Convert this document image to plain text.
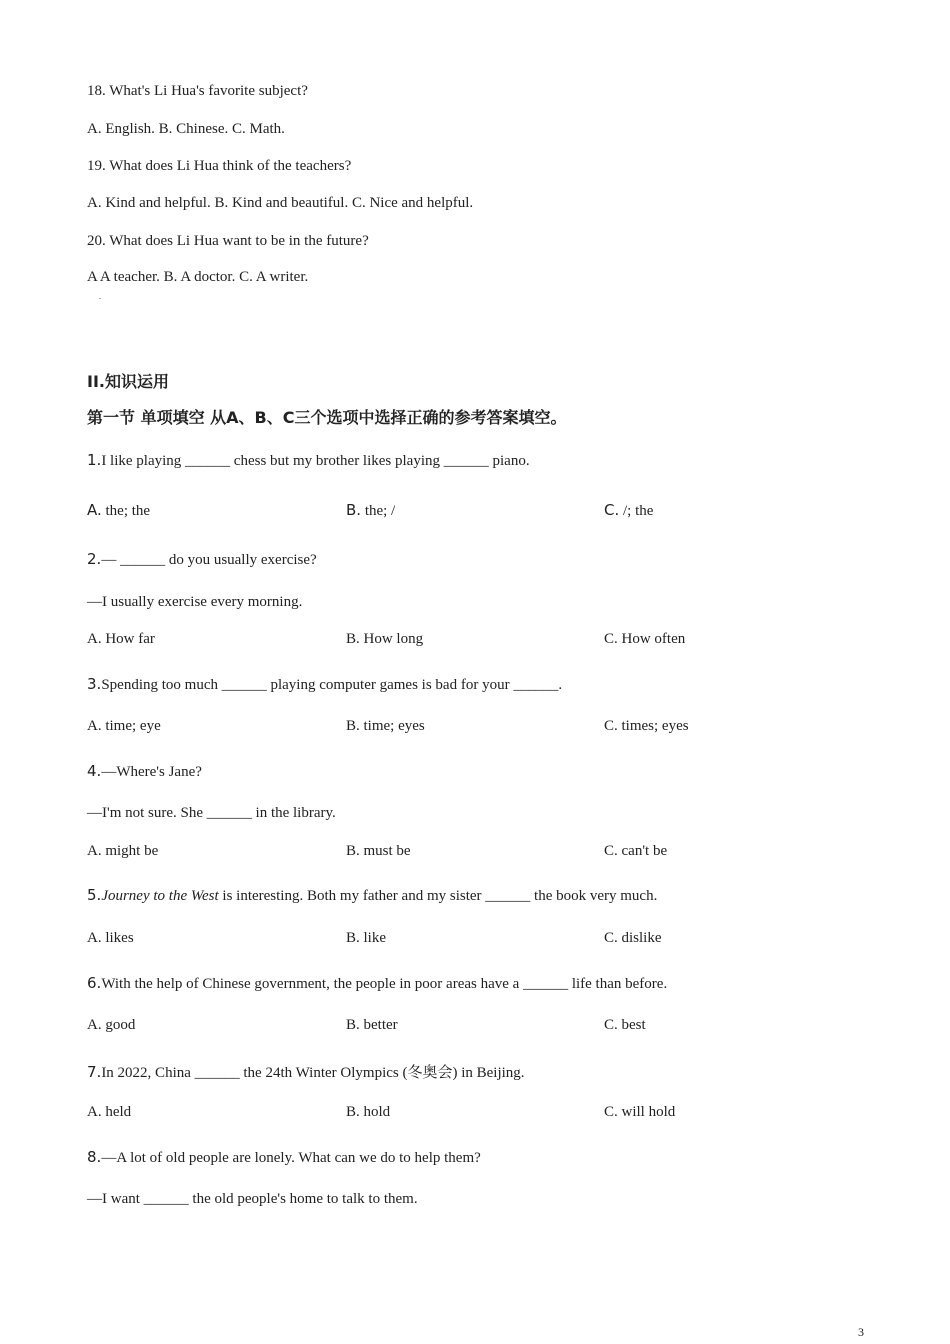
18. What's Li Hua's favorite subject?
A. English. B. Chinese. C. Math.
19. What does Li Hua think of the teachers?
A. Kind and helpful. B. Kind and beautiful. C. Nice and helpful.
20. What does Li Hua want to be in the future?
A A teacher. B. A doctor. C. A writer.
.
II.知识运用
第一节 单项填空 从A、B、C三个选项中选择正确的参考答案填空。
1.I like playing ______ chess but my brother likes playing ______ piano.
A. the; the	B. the; /	C. /; the
2.— ______ do you usually exercise?
—I usually exercise every morning.
A. How far	B. How long	C. How often
3.Spending too much ______ playing computer games is bad for your ______.
A. time; eye	B. time; eyes	C. times; eyes
4.—Where's Jane?
—I'm not sure. She ______ in the library.
A. might be	B. must be	C. can't be
5.Journey to the West is interesting. Both my father and my sister ______ the book very much.
A. likes	B. like	C. dislike
6.With the help of Chinese government, the people in poor areas have a ______ life than before.
A. good	B. better	C. best
7.In 2022, China ______ the 24th Winter Olympics (冬奥会) in Beijing.
A. held	B. hold	C. will hold
8.—A lot of old people are lonely. What can we do to help them?
—I want ______ the old people's home to talk to them.
3
